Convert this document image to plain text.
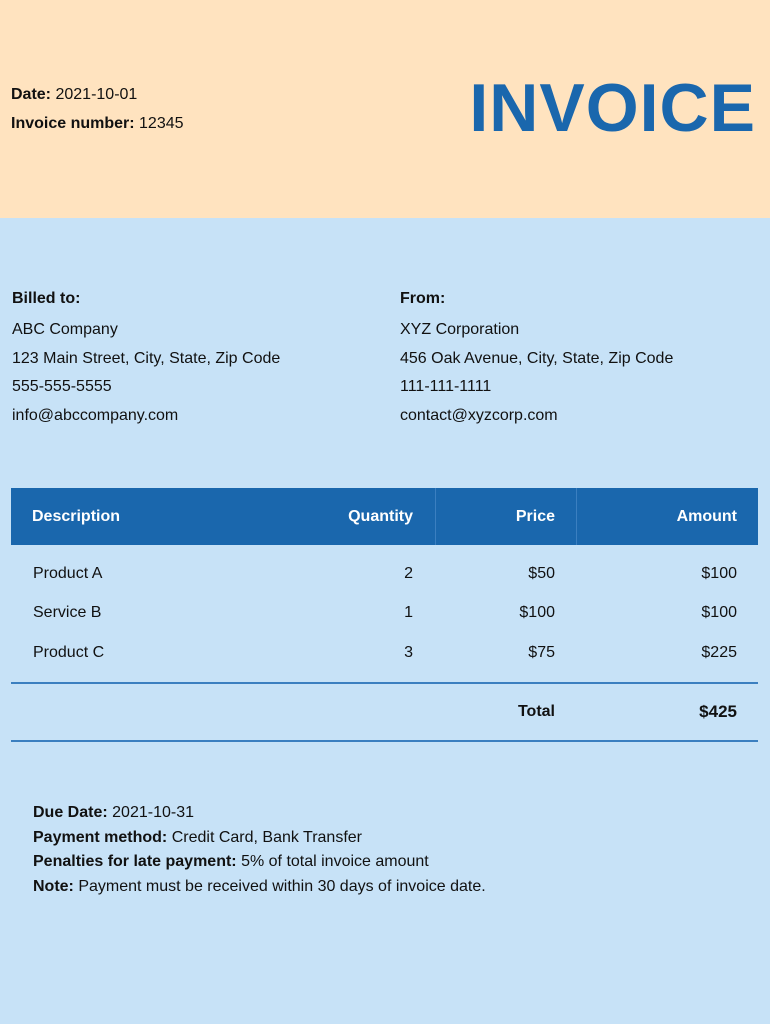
Date: 2021-10-01
Invoice number: 12345	INVOICE
Billed to:
ABC Company
123 Main Street, City, State, Zip Code
555-555-5555
info@abccompany.com
From:
XYZ Corporation
456 Oak Avenue, City, State, Zip Code
111-111-1111
contact@xyzcorp.com
Description	Quantity	Price	Amount
Product A	2	$50	$100
Service B	1	$100	$100
Product C	3	$75	$225
Total	$425
Due Date: 2021-10-31
Payment method: Credit Card, Bank Transfer
Penalties for late payment: 5% of total invoice amount
Note: Payment must be received within 30 days of invoice date.
